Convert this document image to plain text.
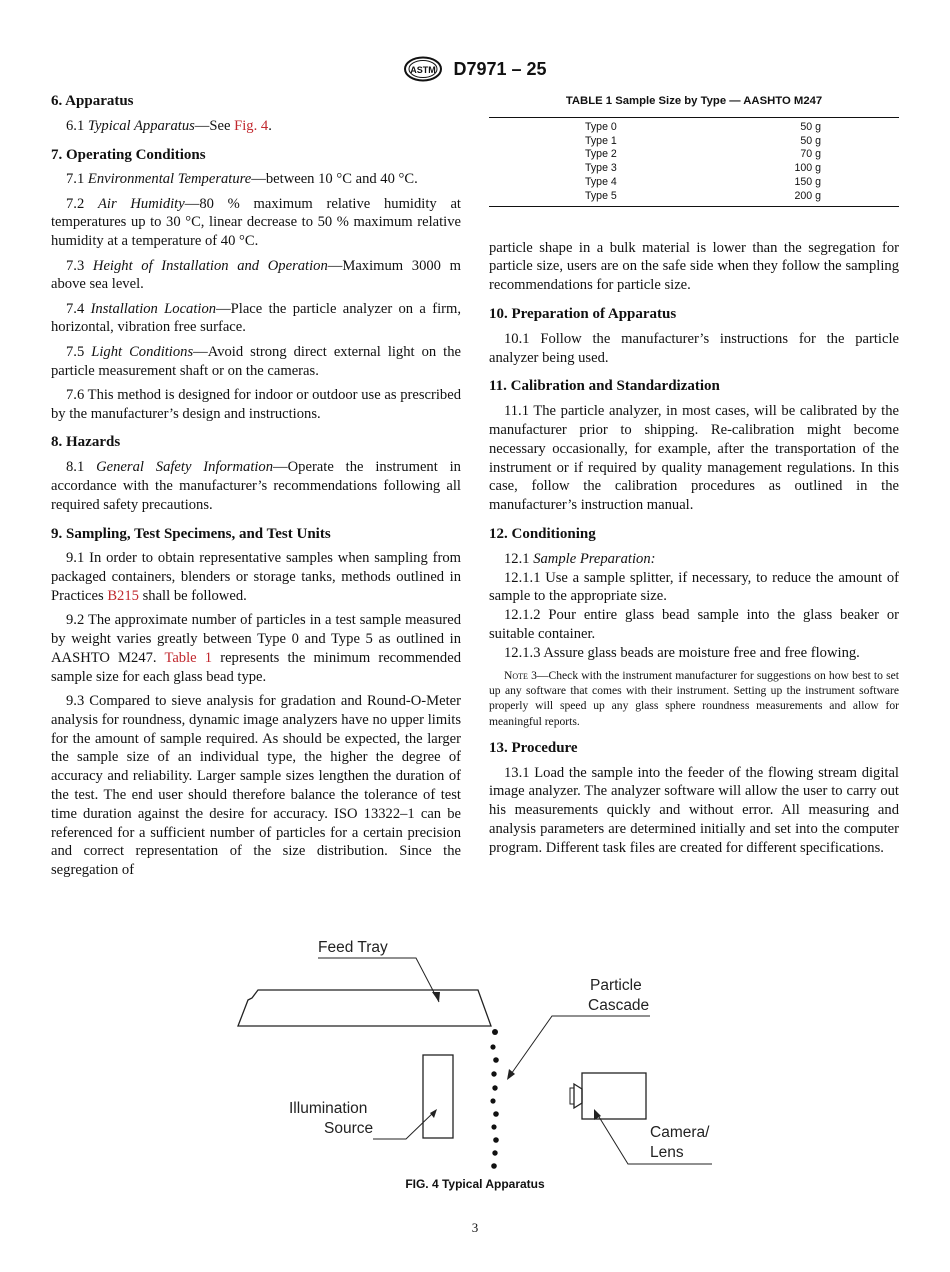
ASTM D7971 – 25
6. Apparatus

6.1 Typical Apparatus—See Fig. 4.

7. Operating Conditions

7.1 Environmental Temperature—between 10 °C and 40 °C.

7.2 Air Humidity—80 % maximum relative humidity at temperatures up to 30 °C, linear decrease to 50 % maximum relative humidity at a temperature of 40 °C.

7.3 Height of Installation and Operation—Maximum 3000 m above sea level.

7.4 Installation Location—Place the particle analyzer on a firm, horizontal, vibration free surface.

7.5 Light Conditions—Avoid strong direct external light on the particle measurement shaft or on the cameras.

7.6 This method is designed for indoor or outdoor use as prescribed by the manufacturer’s design and instructions.

8. Hazards

8.1 General Safety Information—Operate the instrument in accordance with the manufacturer’s recommendations following all required safety precautions.

9. Sampling, Test Specimens, and Test Units

9.1 In order to obtain representative samples when sampling from packaged containers, blenders or storage tanks, methods outlined in Practices B215 shall be followed.

9.2 The approximate number of particles in a test sample measured by weight varies greatly between Type 0 and Type 5 as outlined in AASHTO M247. Table 1 represents the minimum recommended sample size for each glass bead type.

9.3 Compared to sieve analysis for gradation and Round-O-Meter analysis for roundness, dynamic image analyzers have no upper limits for the amount of sample required. As should be expected, the larger the sample size of an individual type, the higher the degree of accuracy and reliability. Larger sample sizes lengthen the duration of the test. The end user should therefore balance the tolerance of test time duration against the desire for accuracy. ISO 13322–1 can be referenced for a sufficient number of particles for a certain precision and correct representation of the size distribution. Since the segregation of

TABLE 1 Sample Size by Type — AASHTO M247
Type 0	50 g
Type 1	50 g
Type 2	70 g
Type 3	100 g
Type 4	150 g
Type 5	200 g

particle shape in a bulk material is lower than the segregation for particle size, users are on the safe side when they follow the sampling recommendations for particle size.

10. Preparation of Apparatus

10.1 Follow the manufacturer’s instructions for the particle analyzer being used.

11. Calibration and Standardization

11.1 The particle analyzer, in most cases, will be calibrated by the manufacturer prior to shipping. Re-calibration might become necessary occasionally, for example, after the transportation of the instrument or if required by quality management regulations. In this case, follow the calibration procedures as outlined in the manufacturer’s instruction manual.

12. Conditioning

12.1 Sample Preparation:

12.1.1 Use a sample splitter, if necessary, to reduce the amount of sample to the appropriate size.

12.1.2 Pour entire glass bead sample into the glass beaker or suitable container.

12.1.3 Assure glass beads are moisture free and free flowing.

Note 3—Check with the instrument manufacturer for suggestions on how best to set up any software that comes with their instrument. Setting up the instrument software properly will speed up any glass sphere roundness measurements and allow for meaningful reports.
13. Procedure

13.1 Load the sample into the feeder of the flowing stream digital image analyzer. The analyzer software will allow the user to carry out his measurements quickly and without error. All measuring and analysis parameters are determined initially and set into the computer program. Different task files are created for different specifications.

Feed Tray
Particle
Cascade
Illumination
Source	Camera/
Lens
FIG. 4 Typical Apparatus
3
